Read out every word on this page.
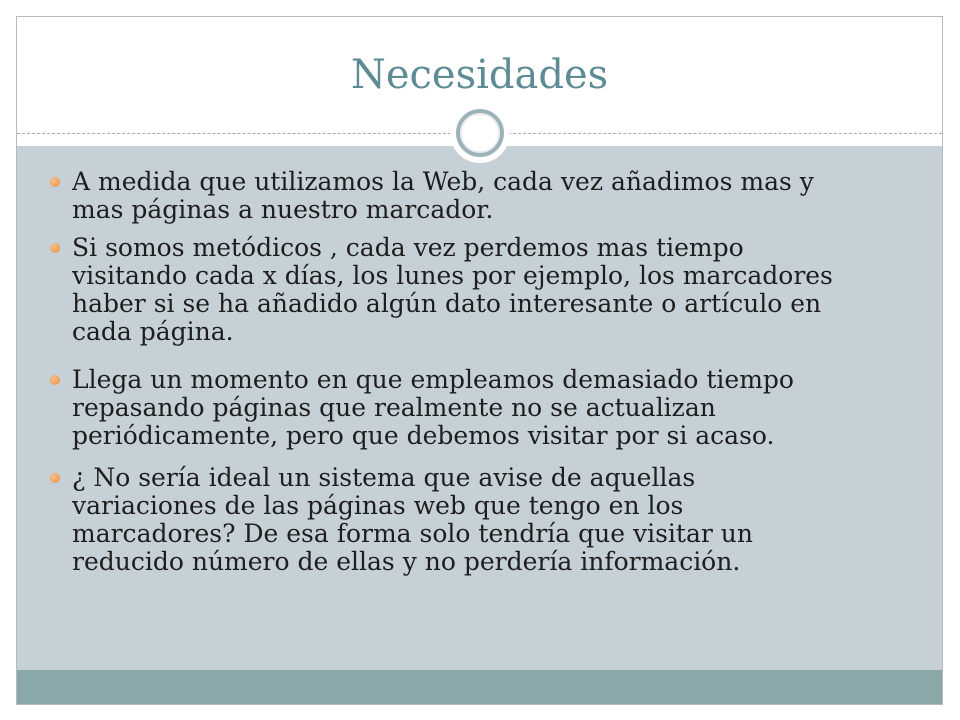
Necesidades
A medida que utilizamos la Web, cada vez añadimos mas y
mas páginas a nuestro marcador.
Si somos metódicos , cada vez perdemos mas tiempo
visitando cada x días, los lunes por ejemplo, los marcadores
haber si se ha añadido algún dato interesante o artículo en
cada página.
Llega un momento en que empleamos demasiado tiempo
repasando páginas que realmente no se actualizan
periódicamente, pero que debemos visitar por si acaso.
¿ No sería ideal un sistema que avise de aquellas
variaciones de las páginas web que tengo en los
marcadores? De esa forma solo tendría que visitar un
reducido número de ellas y no perdería información.
